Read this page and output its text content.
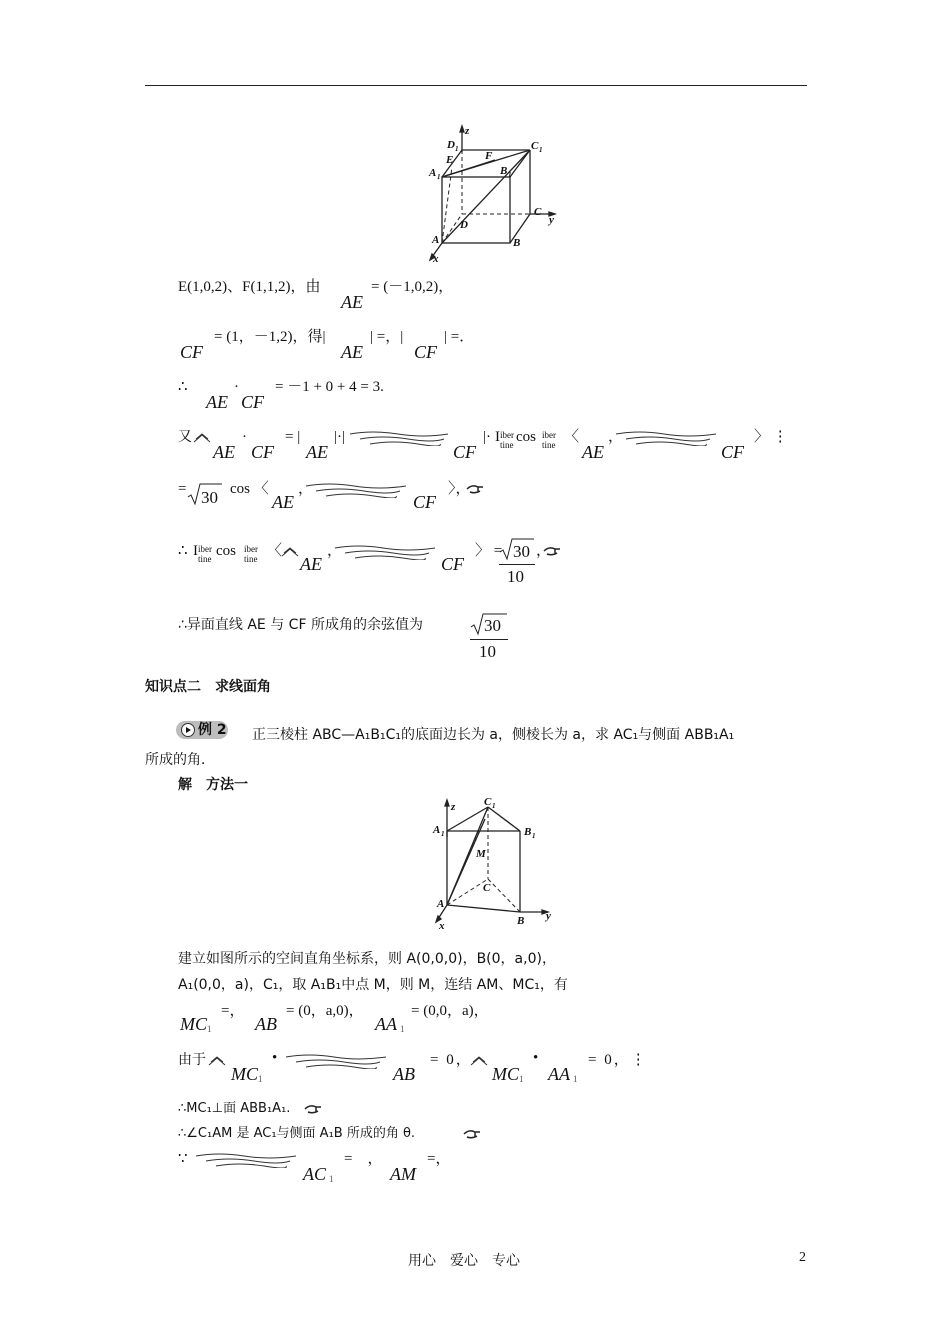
z
D 1	C 1
E	F
A 1	B 1
C
y
D
A	B
x
E(1,0,2)、F(1,1,2)，由
AE
= (－1,0,2)，
CF
= (1，－1,2)，得|
AE
| =，|
CF
| =．
∴
AE
·
CF
= －1 + 0 + 4 = 3.
又
AE
·
CF
= |
AE
|·|
CF
|· I iber
tine cos iber
tine 〈
AE
，
CF
〉 ⋮
= 30 cos 〈
AE
，
CF
〉，
∴ I iber
tine cos iber
tine 〈
AE
，
CF
〉 = 30
10
，
∴异面直线 AE 与 CF 所成角的余弦值为	30
10
知识点二　求线面角
例 2 正三棱柱 ABC—A₁B₁C₁的底面边长为 a，侧棱长为 a，求 AC₁与侧面 ABB₁A₁
所成的角．
解　方法一
z	C 1
A 1	B 1
M
C
A
B y
x
建立如图所示的空间直角坐标系，则 A(0,0,0)，B(0，a,0)，
A₁(0,0，a)，C₁，取 A₁B₁中点 M，则 M，连结 AM、MC₁，有
MC 1
=，
AB
= (0，a,0)，
AA 1
= (0,0，a)，
由于
MC 1
•
AB
= 0，
MC 1
•
AA 1
= 0，⋮
∴MC₁⊥面 ABB₁A₁.
∴∠C₁AM 是 AC₁与侧面 A₁B 所成的角 θ.
∵
AC 1
=　，
AM
=，
用心　爱心　专心	2
